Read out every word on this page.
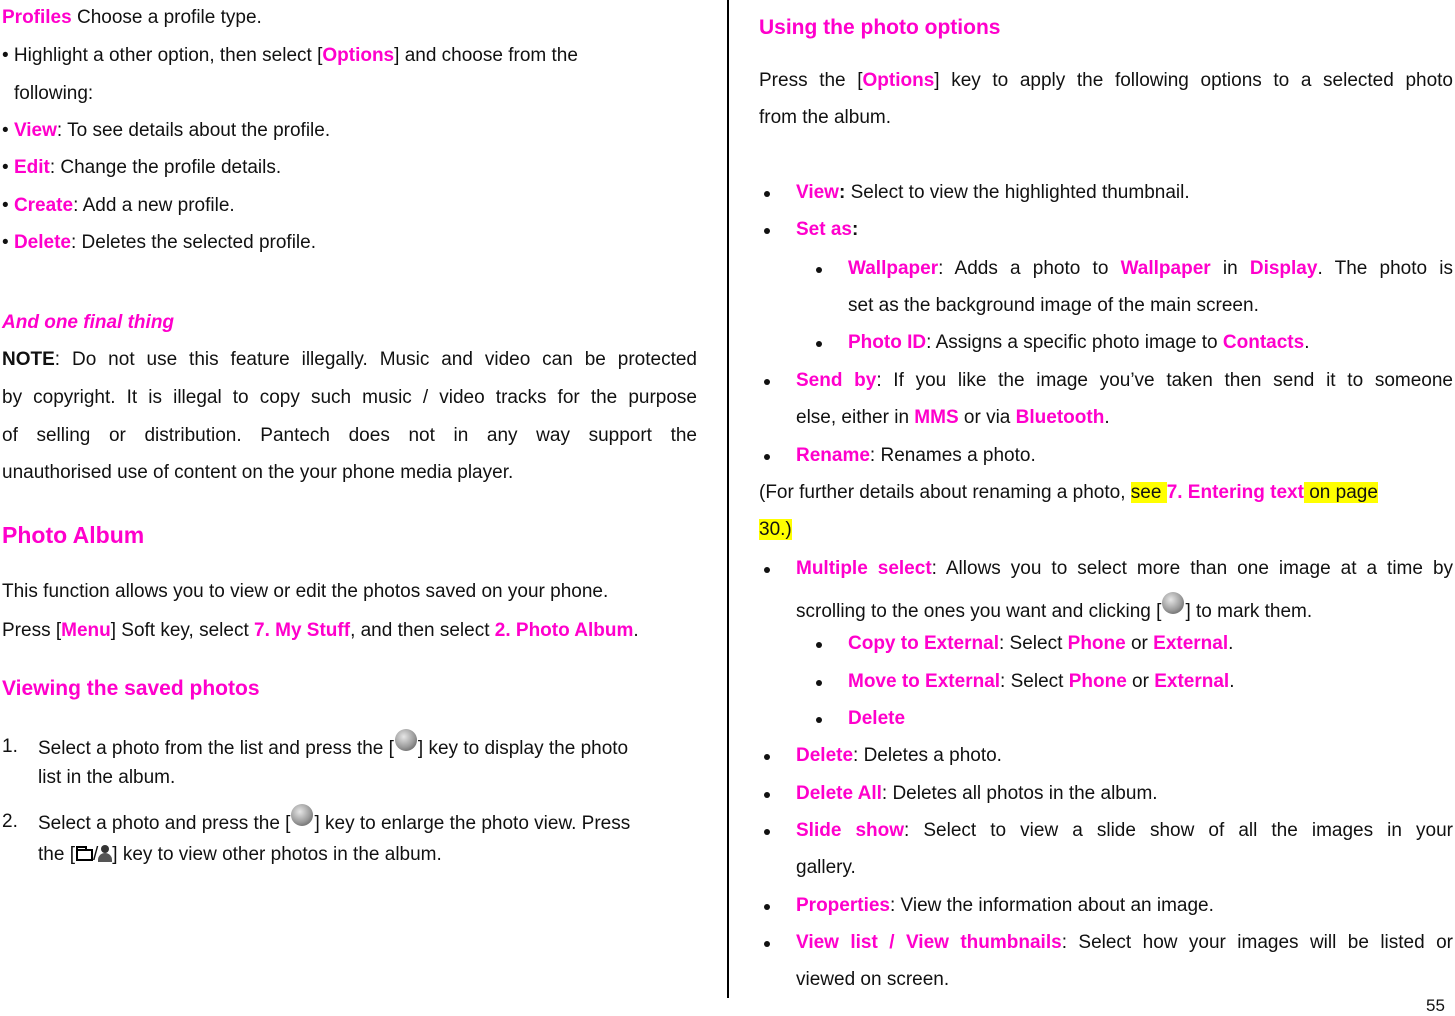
Profiles Choose a profile type.
• Highlight a other option, then select [Options] and choose from the
following:
• View: To see details about the profile.
• Edit: Change the profile details.
• Create: Add a new profile.
• Delete: Deletes the selected profile.
And one final thing
NOTE: Do not use this feature illegally. Music and video can be protected
by copyright. It is illegal to copy such music / video tracks for the purpose
of selling or distribution. Pantech does not in any way support the
unauthorised use of content on the your phone media player.
Photo Album
This function allows you to view or edit the photos saved on your phone.
Press [Menu] Soft key, select 7. My Stuff, and then select 2. Photo Album.
Viewing the saved photos
1. Select a photo from the list and press the [ ] key to display the photo
list in the album.
2. Select a photo and press the [ ] key to enlarge the photo view. Press
the [ / ] key to view other photos in the album.
Using the photo options
Press the [Options] key to apply the following options to a selected photo
from the album.
View: Select to view the highlighted thumbnail.
Set as:
Wallpaper: Adds a photo to Wallpaper in Display. The photo is
set as the background image of the main screen.
Photo ID: Assigns a specific photo image to Contacts.
Send by: If you like the image you’ve taken then send it to someone
else, either in MMS or via Bluetooth.
Rename: Renames a photo.
(For further details about renaming a photo, see 7. Entering text on page
30.)
Multiple select: Allows you to select more than one image at a time by
scrolling to the ones you want and clicking [ ] to mark them.
Copy to External: Select Phone or External.
Move to External: Select Phone or External.
Delete
Delete: Deletes a photo.
Delete All: Deletes all photos in the album.
Slide show: Select to view a slide show of all the images in your
gallery.
Properties: View the information about an image.
View list / View thumbnails: Select how your images will be listed or
viewed on screen.
55
